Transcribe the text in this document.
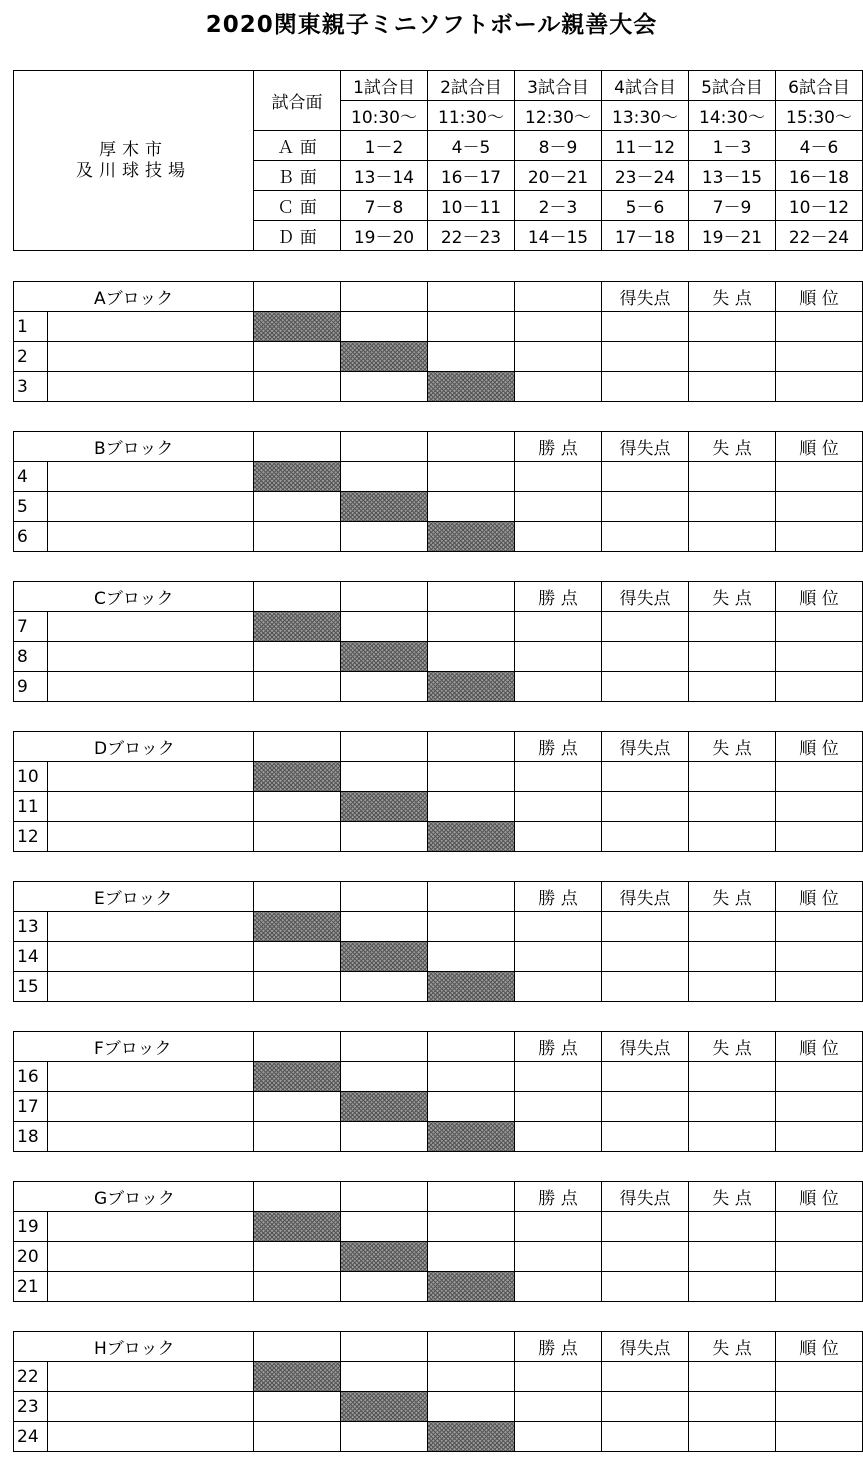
2020関東親子ミニソフトボール親善大会
厚木市
及川球技場	試合面	1試合目	2試合目	3試合目	4試合目	5試合目	6試合目
		10:30～	11:30～	12:30～	13:30～	14:30～	15:30～
	Ａ 面	1－2	4－5	8－9	11－12	1－3	4－6
	Ｂ 面	13－14	16－17	20－21	23－24	13－15	16－18
	Ｃ 面	7－8	10－11	2－3	5－6	7－9	10－12
	Ｄ 面	19－20	22－23	14－15	17－18	19－21	22－24
Aブロック						得失点	失 点	順 位
1								
2								
3								
Bブロック					勝 点	得失点	失 点	順 位
4								
5								
6								
Cブロック					勝 点	得失点	失 点	順 位
7								
8								
9								
Dブロック					勝 点	得失点	失 点	順 位
10								
11								
12								
Eブロック					勝 点	得失点	失 点	順 位
13								
14								
15								
Fブロック					勝 点	得失点	失 点	順 位
16								
17								
18								
Gブロック					勝 点	得失点	失 点	順 位
19								
20								
21								
Hブロック					勝 点	得失点	失 点	順 位
22								
23								
24								
